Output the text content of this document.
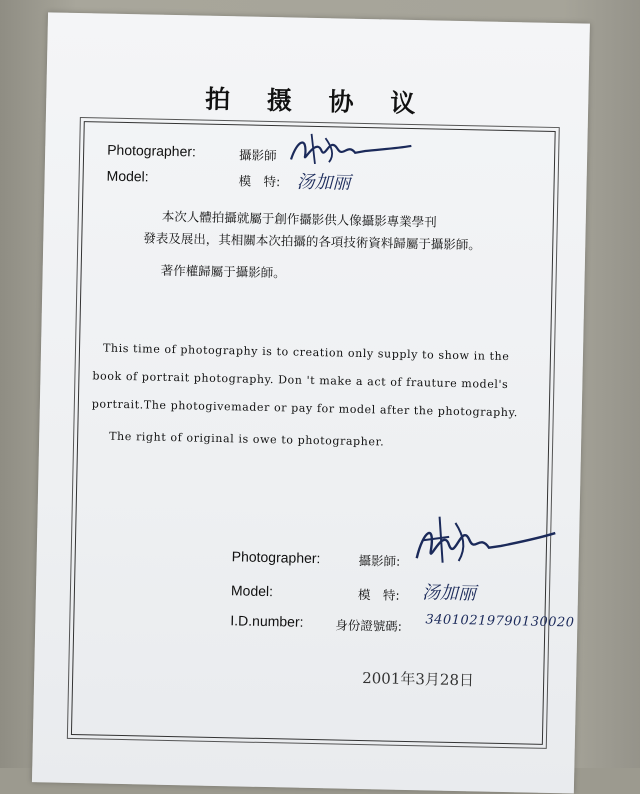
拍 摄 协 议
Photographer:	攝影師
Model:	模　特: 汤加丽
本次人體拍攝就屬于創作攝影供人像攝影專業學刊
發表及展出，其相關本次拍攝的各項技術資料歸屬于攝影師。
著作權歸屬于攝影師。
This time of photography is to creation only supply to show in the
book of portrait photography. Don 't make a act of frauture model's
portrait.The photogivemader or pay for model after the photography.
The right of original is owe to photographer.
Photographer:	攝影師:
Model:	模　特: 汤加丽
I.D.number:	身份證號碼: 34010219790130020
2001年3月28日
